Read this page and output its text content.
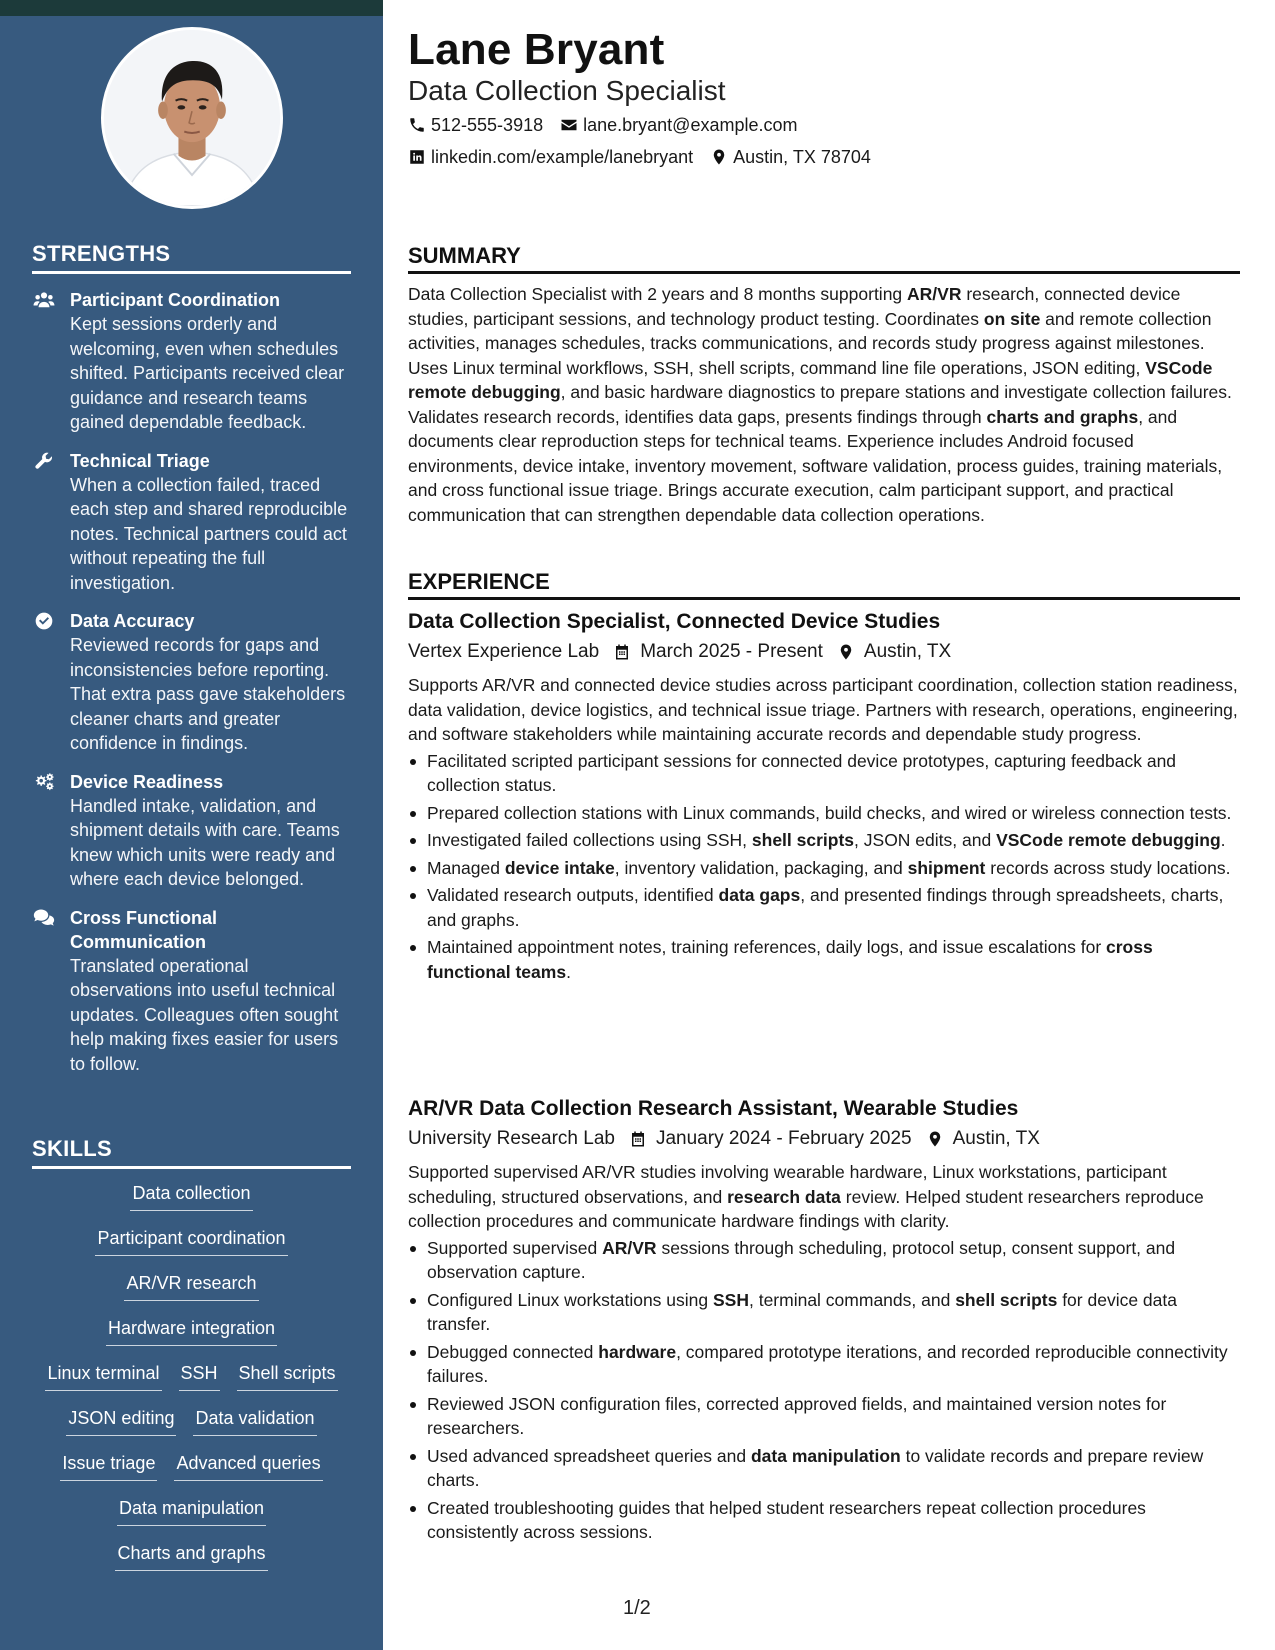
STRENGTHS
Participant Coordination
Kept sessions orderly and welcoming, even when schedules shifted. Participants received clear guidance and research teams gained dependable feedback.
Technical Triage
When a collection failed, traced each step and shared reproducible notes. Technical partners could act without repeating the full investigation.
Data Accuracy
Reviewed records for gaps and inconsistencies before reporting. That extra pass gave stakeholders cleaner charts and greater confidence in findings.
Device Readiness
Handled intake, validation, and shipment details with care. Teams knew which units were ready and where each device belonged.
Cross Functional Communication
Translated operational observations into useful technical updates. Colleagues often sought help making fixes easier for users to follow.
SKILLS
Data collection
Participant coordination
AR/VR research
Hardware integration
Linux terminal SSH Shell scripts
JSON editing Data validation
Issue triage Advanced queries
Data manipulation
Charts and graphs
Lane Bryant
Data Collection Specialist
512-555-3918 lane.bryant@example.com
linkedin.com/example/lanebryant Austin, TX 78704
SUMMARY

Data Collection Specialist with 2 years and 8 months supporting AR/VR research, connected device studies, participant sessions, and technology product testing. Coordinates on site and remote collection activities, manages schedules, tracks communications, and records study progress against milestones. Uses Linux terminal workflows, SSH, shell scripts, command line file operations, JSON editing, VSCode remote debugging, and basic hardware diagnostics to prepare stations and investigate collection failures. Validates research records, identifies data gaps, presents findings through charts and graphs, and documents clear reproduction steps for technical teams. Experience includes Android focused environments, device intake, inventory movement, software validation, process guides, training materials, and cross functional issue triage. Brings accurate execution, calm participant support, and practical communication that can strengthen dependable data collection operations.

EXPERIENCE
Data Collection Specialist, Connected Device Studies
Vertex Experience Lab March 2025 - Present Austin, TX

Supports AR/VR and connected device studies across participant coordination, collection station readiness, data validation, device logistics, and technical issue triage. Partners with research, operations, engineering, and software stakeholders while maintaining accurate records and dependable study progress.

Facilitated scripted participant sessions for connected device prototypes, capturing feedback and collection status.
Prepared collection stations with Linux commands, build checks, and wired or wireless connection tests.
Investigated failed collections using SSH, shell scripts, JSON edits, and VSCode remote debugging.
Managed device intake, inventory validation, packaging, and shipment records across study locations.
Validated research outputs, identified data gaps, and presented findings through spreadsheets, charts, and graphs.
Maintained appointment notes, training references, daily logs, and issue escalations for cross functional teams.
AR/VR Data Collection Research Assistant, Wearable Studies
University Research Lab January 2024 - February 2025 Austin, TX

Supported supervised AR/VR studies involving wearable hardware, Linux workstations, participant scheduling, structured observations, and research data review. Helped student researchers reproduce collection procedures and communicate hardware findings with clarity.

Supported supervised AR/VR sessions through scheduling, protocol setup, consent support, and observation capture.
Configured Linux workstations using SSH, terminal commands, and shell scripts for device data transfer.
Debugged connected hardware, compared prototype iterations, and recorded reproducible connectivity failures.
Reviewed JSON configuration files, corrected approved fields, and maintained version notes for researchers.
Used advanced spreadsheet queries and data manipulation to validate records and prepare review charts.
Created troubleshooting guides that helped student researchers repeat collection procedures consistently across sessions.
1/2
